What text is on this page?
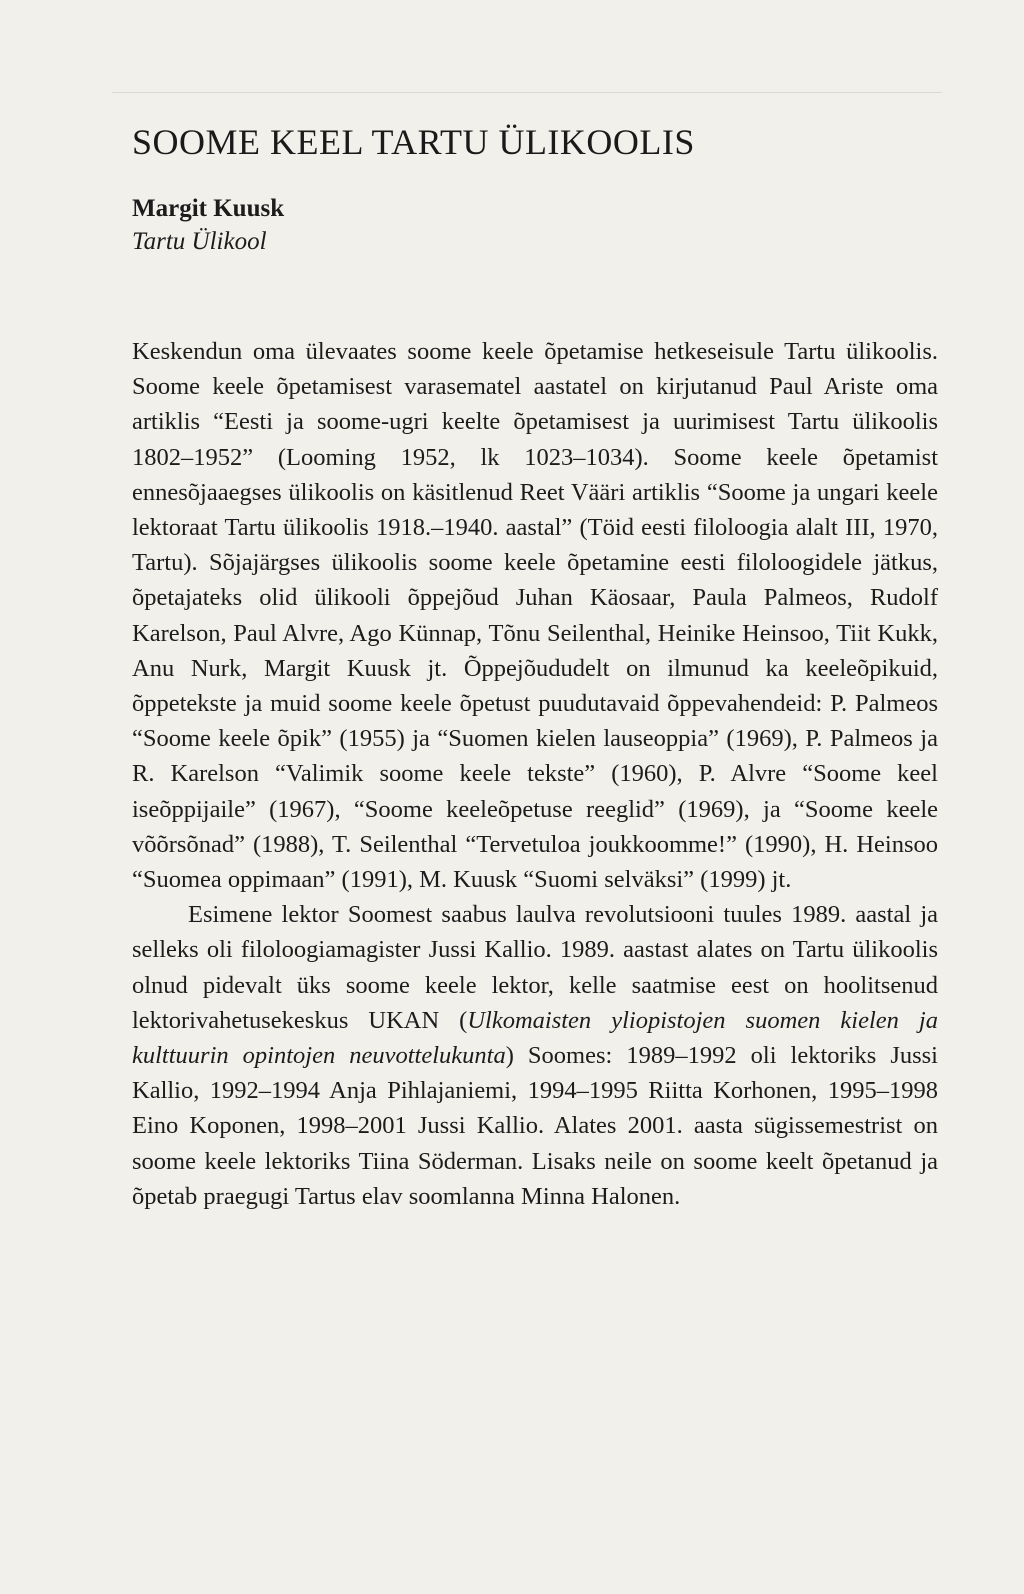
SOOME KEEL TARTU ÜLIKOOLIS
Margit Kuusk
Tartu Ülikool

Keskendun oma ülevaates soome keele õpetamise hetkeseisule Tartu ülikoolis. Soome keele õpetamisest varasematel aastatel on kirjutanud Paul Ariste oma artiklis “Eesti ja soome-ugri keelte õpetamisest ja uurimisest Tartu ülikoolis 1802–1952” (Looming 1952, lk 1023–1034). Soome keele õpetamist ennesõjaaegses ülikoolis on käsitlenud Reet Vääri artiklis “Soome ja ungari keele lektoraat Tartu ülikoolis 1918.–1940. aastal” (Töid eesti filoloogia alalt III, 1970, Tartu). Sõjajärgses ülikoolis soome keele õpetamine eesti filoloogidele jätkus, õpetajateks olid ülikooli õppejõud Juhan Käosaar, Paula Palmeos, Rudolf Karelson, Paul Alvre, Ago Künnap, Tõnu Seilenthal, Heinike Heinsoo, Tiit Kukk, Anu Nurk, Margit Kuusk jt. Õppejõududelt on ilmunud ka keeleõpikuid, õppetekste ja muid soome keele õpetust puudutavaid õppevahendeid: P. Palmeos “Soome keele õpik” (1955) ja “Suomen kielen lauseoppia” (1969), P. Palmeos ja R. Karelson “Valimik soome keele tekste” (1960), P. Alvre “Soome keel iseõppijaile” (1967), “Soome keeleõpetuse reeglid” (1969), ja “Soome keele võõrsõnad” (1988), T. Seilenthal “Tervetuloa joukkoomme!” (1990), H. Heinsoo “Suomea oppimaan” (1991), M. Kuusk “Suomi selväksi” (1999) jt.

Esimene lektor Soomest saabus laulva revolutsiooni tuules 1989. aastal ja selleks oli filoloogiamagister Jussi Kallio. 1989. aastast alates on Tartu ülikoolis olnud pidevalt üks soome keele lektor, kelle saatmise eest on hoolitsenud lektorivahetusekeskus UKAN (Ulkomaisten yliopistojen suomen kielen ja kulttuurin opintojen neuvottelukunta) Soomes: 1989–1992 oli lektoriks Jussi Kallio, 1992–1994 Anja Pihlajaniemi, 1994–1995 Riitta Korhonen, 1995–1998 Eino Koponen, 1998–2001 Jussi Kallio. Alates 2001. aasta sügissemestrist on soome keele lektoriks Tiina Söderman. Lisaks neile on soome keelt õpetanud ja õpetab praegugi Tartus elav soomlanna Minna Halonen.
